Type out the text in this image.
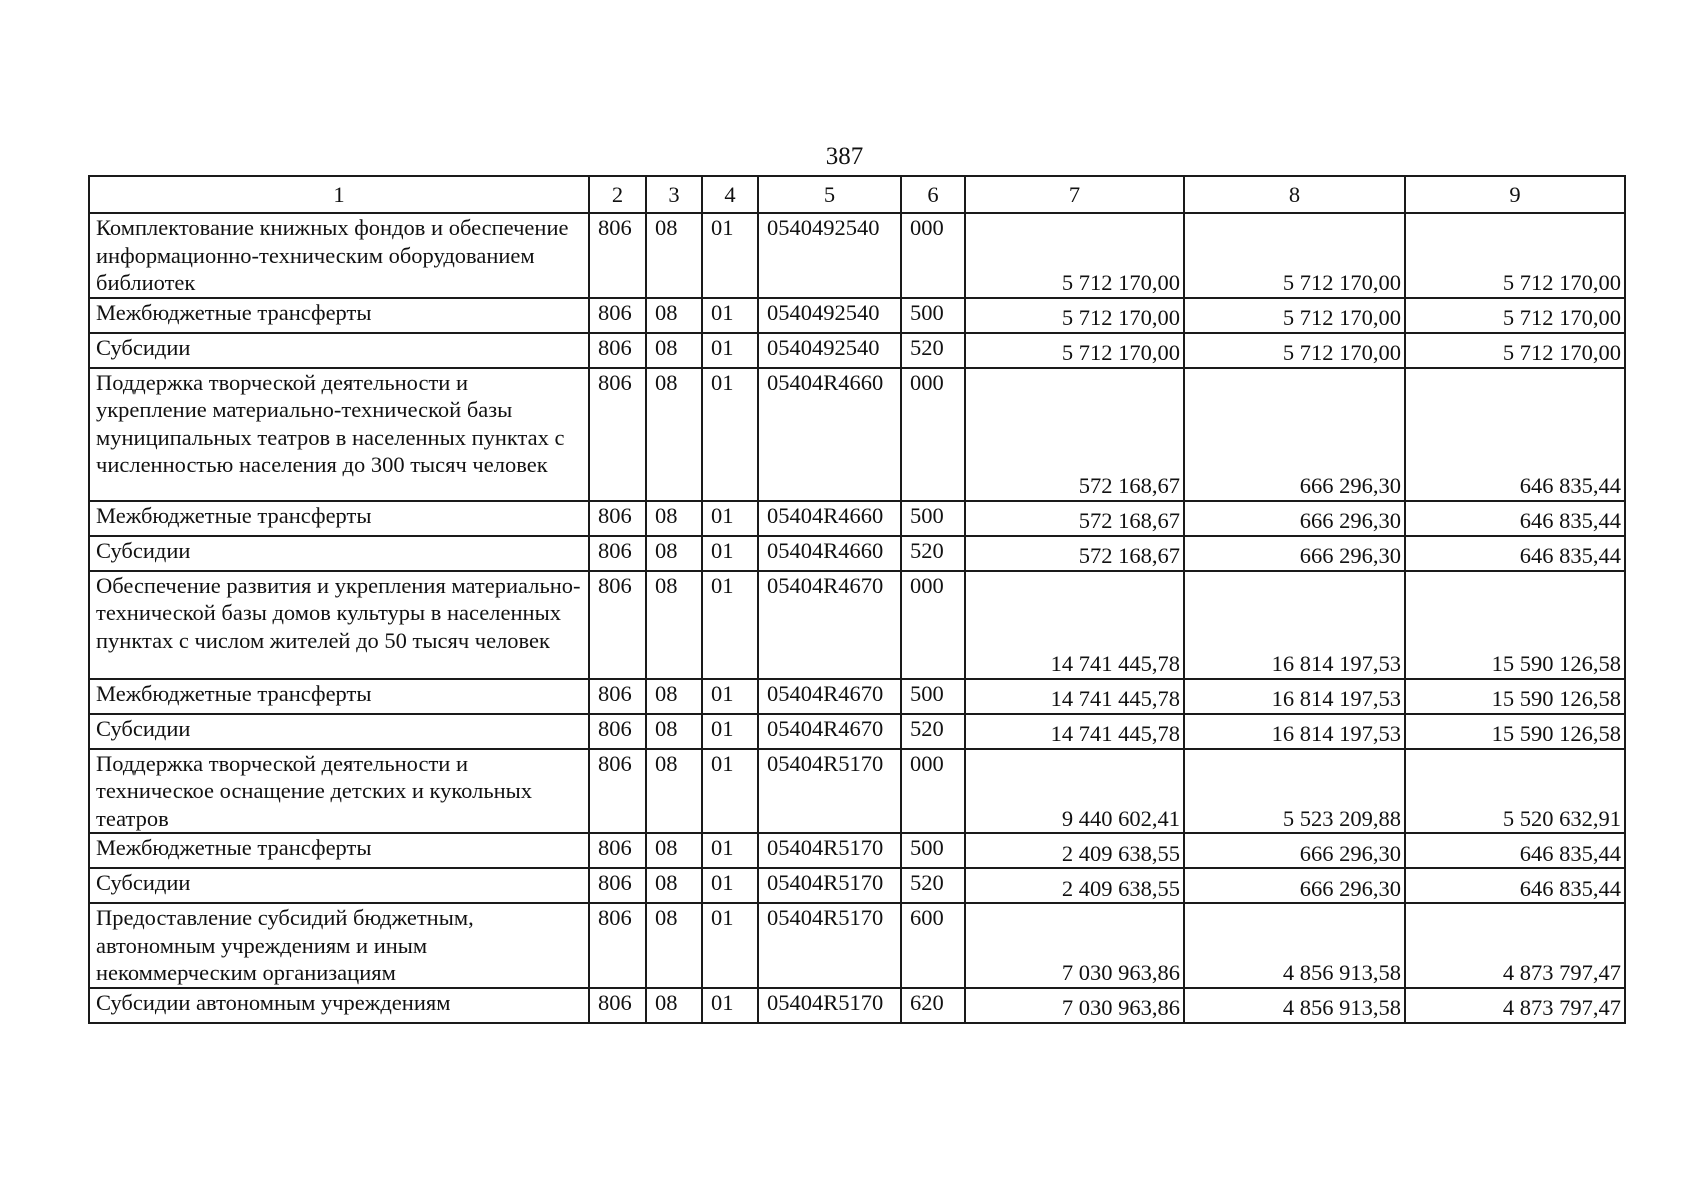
387
1	2	3	4	5	6	7	8	9
Комплектование книжных фондов и обеспечение информационно-техническим оборудованием библиотек	806	08	01	0540492540	000	5 712 170,00	5 712 170,00	5 712 170,00
Межбюджетные трансферты	806	08	01	0540492540	500	5 712 170,00	5 712 170,00	5 712 170,00
Субсидии	806	08	01	0540492540	520	5 712 170,00	5 712 170,00	5 712 170,00
Поддержка творческой деятельности и укрепление материально-технической базы муниципальных театров в населенных пунктах с численностью населения до 300 тысяч человек	806	08	01	05404R4660	000	572 168,67	666 296,30	646 835,44
Межбюджетные трансферты	806	08	01	05404R4660	500	572 168,67	666 296,30	646 835,44
Субсидии	806	08	01	05404R4660	520	572 168,67	666 296,30	646 835,44
Обеспечение развития и укрепления материально-технической базы домов культуры в населенных пунктах с числом жителей до 50 тысяч человек	806	08	01	05404R4670	000	14 741 445,78	16 814 197,53	15 590 126,58
Межбюджетные трансферты	806	08	01	05404R4670	500	14 741 445,78	16 814 197,53	15 590 126,58
Субсидии	806	08	01	05404R4670	520	14 741 445,78	16 814 197,53	15 590 126,58
Поддержка творческой деятельности и техническое оснащение детских и кукольных театров	806	08	01	05404R5170	000	9 440 602,41	5 523 209,88	5 520 632,91
Межбюджетные трансферты	806	08	01	05404R5170	500	2 409 638,55	666 296,30	646 835,44
Субсидии	806	08	01	05404R5170	520	2 409 638,55	666 296,30	646 835,44
Предоставление субсидий бюджетным, автономным учреждениям и иным некоммерческим организациям	806	08	01	05404R5170	600	7 030 963,86	4 856 913,58	4 873 797,47
Субсидии автономным учреждениям	806	08	01	05404R5170	620	7 030 963,86	4 856 913,58	4 873 797,47
